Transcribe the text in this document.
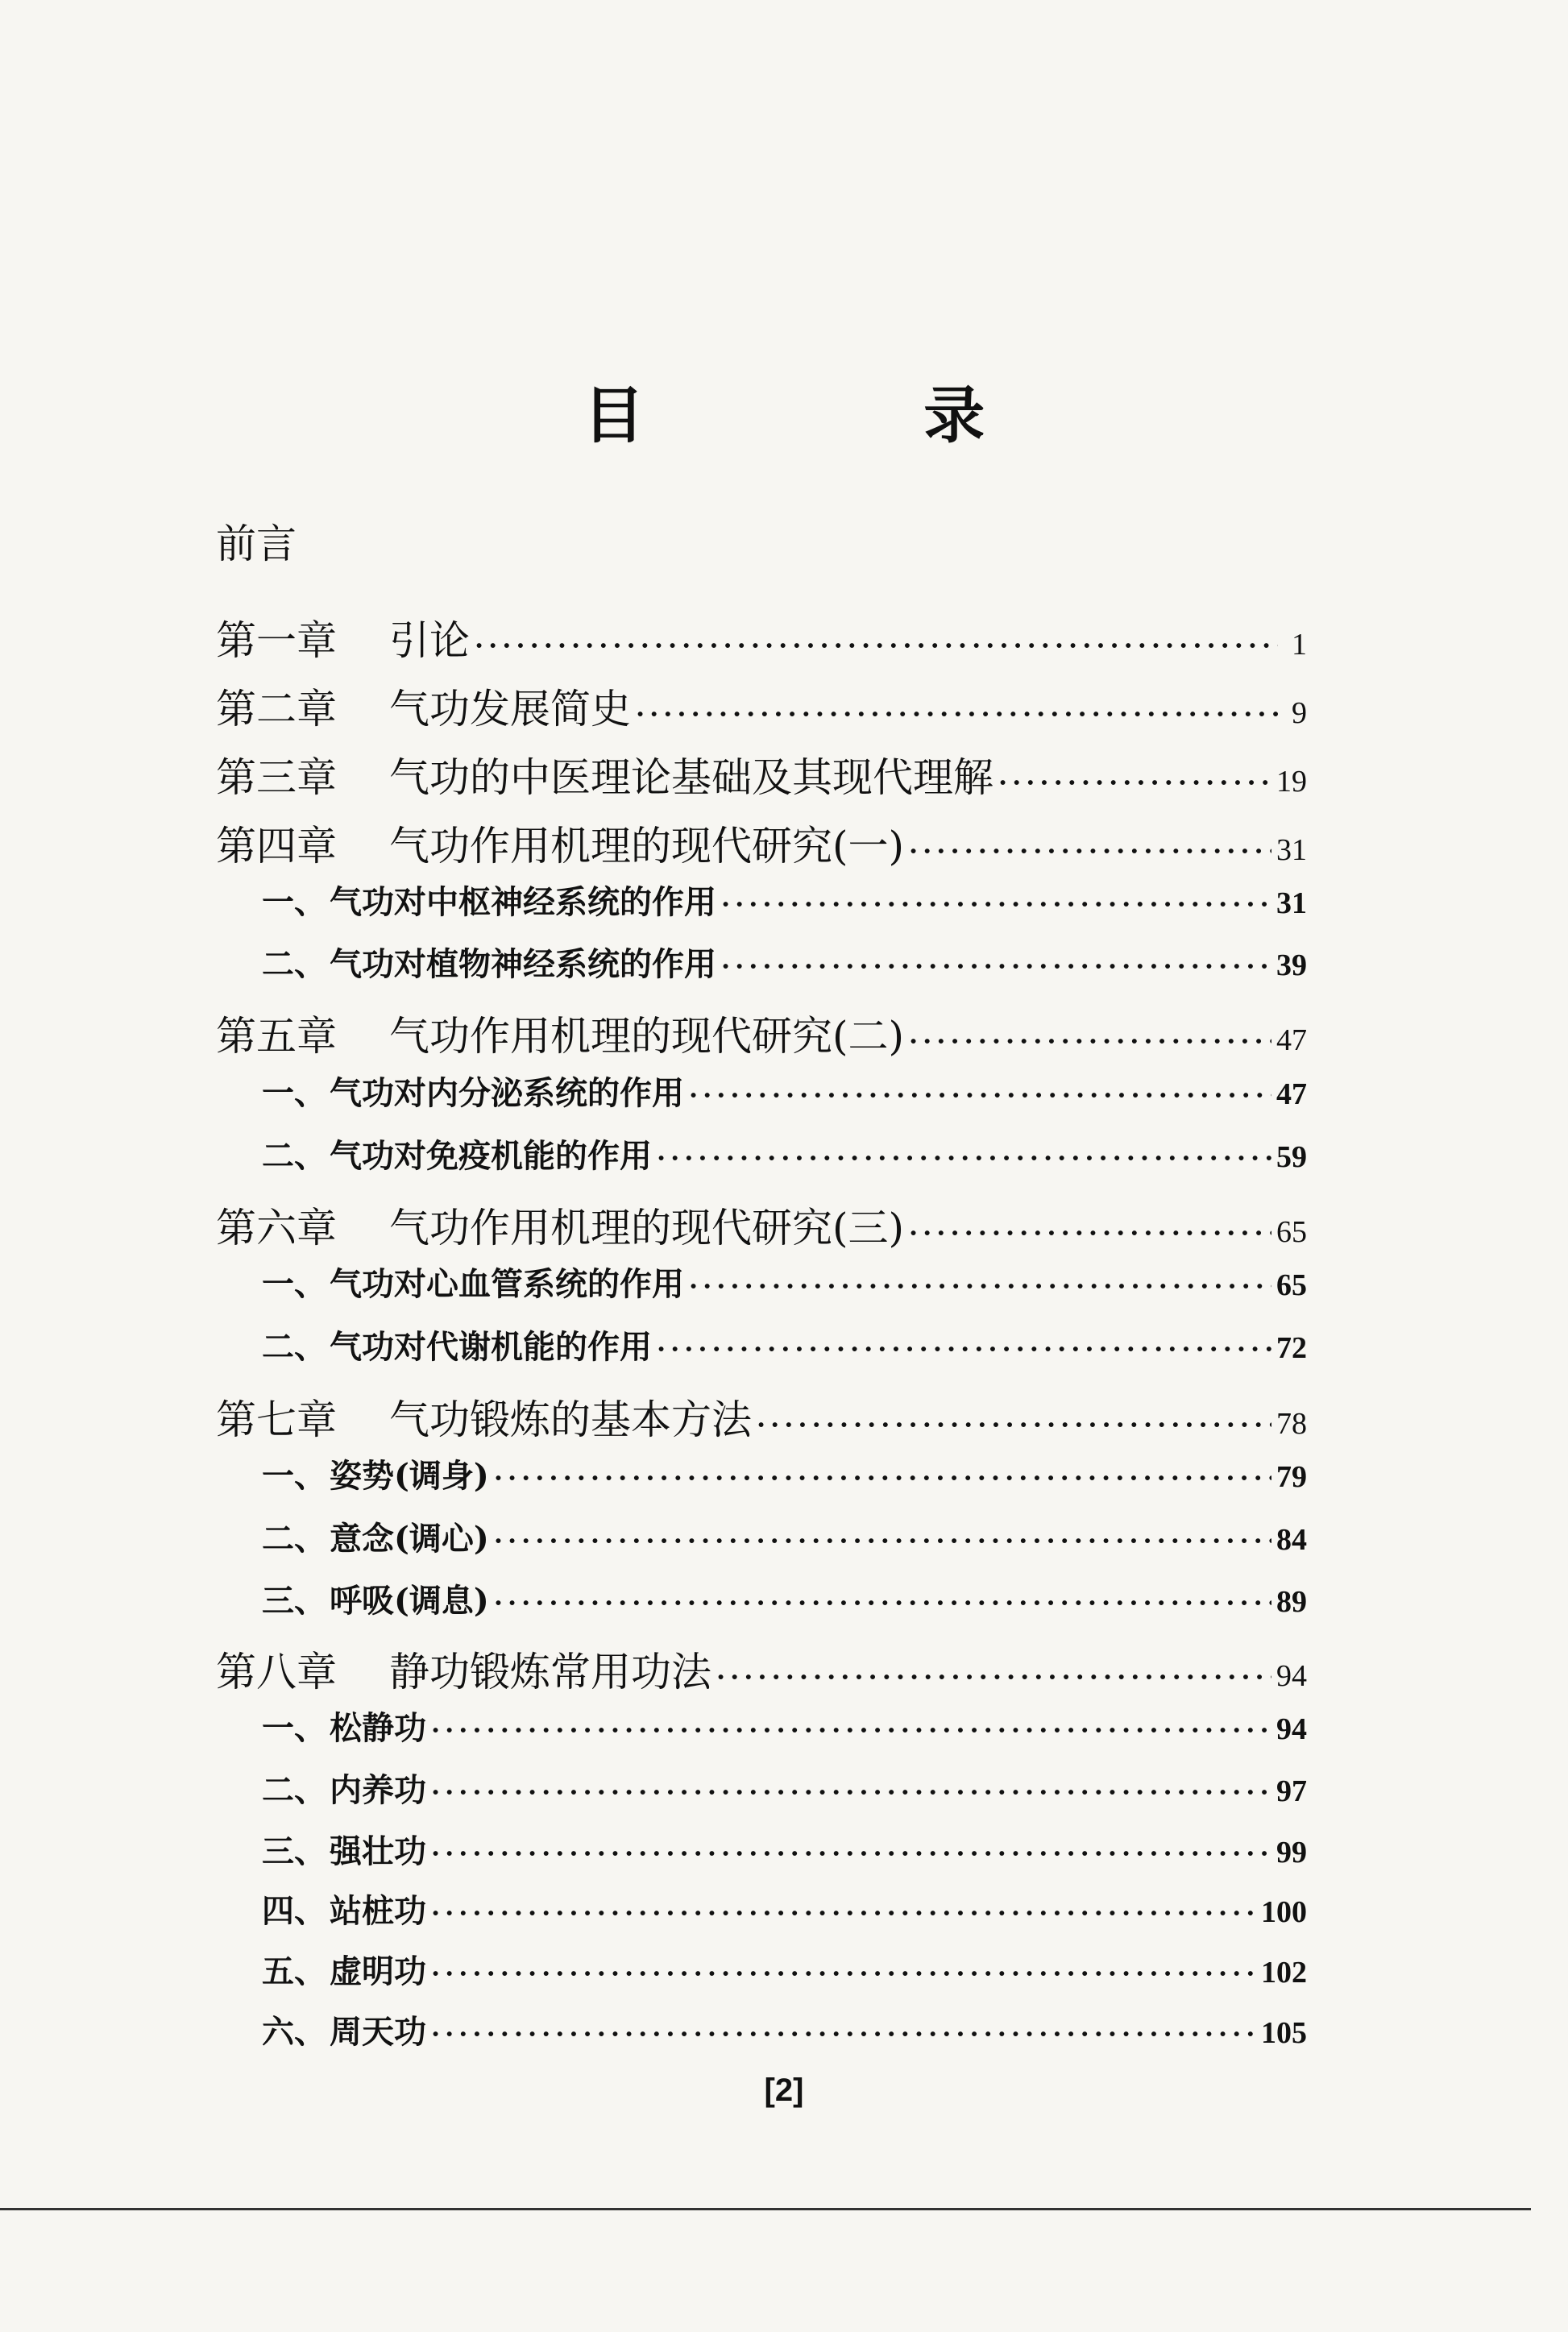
目 录
前言
第一章	引论 ·····	1
第二章	气功发展简史 ·····	9
第三章	气功的中医理论基础及其现代理解 ·····	19
第四章	气功作用机理的现代研究(一) ·····	31
一、 气功对中枢神经系统的作用 ·····	31
二、 气功对植物神经系统的作用 ·····	39
第五章	气功作用机理的现代研究(二) ·····	47
一、 气功对内分泌系统的作用 ·····	47
二、 气功对免疫机能的作用 ·····	59
第六章	气功作用机理的现代研究(三) ·····	65
一、 气功对心血管系统的作用 ·····	65
二、 气功对代谢机能的作用 ·····	72
第七章	气功锻炼的基本方法 ·····	78
一、 姿势(调身) ·····	79
二、 意念(调心) ·····	84
三、 呼吸(调息) ·····	89
第八章	静功锻炼常用功法 ·····	94
一、 松静功 ·····	94
二、 内养功 ·····	97
三、 强壮功 ·····	99
四、 站桩功 ·····	100
五、 虚明功 ·····	102
六、 周天功 ·····	105
[2]
